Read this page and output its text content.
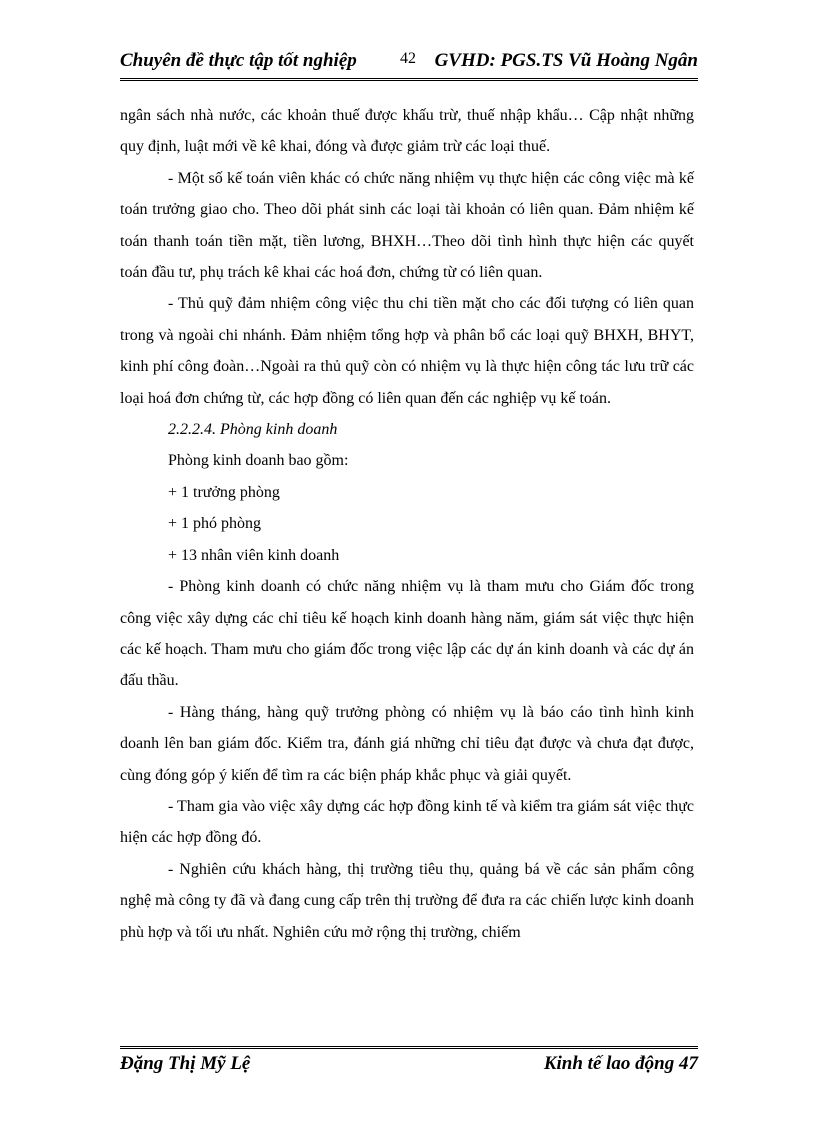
Chuyên đề thực tập tốt nghiệp	42 GVHD: PGS.TS Vũ Hoàng Ngân

ngân sách nhà nước, các khoản thuế được khấu trừ, thuế nhập khẩu… Cập nhật những quy định, luật mới về kê khai, đóng và được giảm trừ các loại thuế.

- Một số kế toán viên khác có chức năng nhiệm vụ thực hiện các công việc mà kế toán trưởng giao cho. Theo dõi phát sinh các loại tài khoản có liên quan. Đảm nhiệm kế toán thanh toán tiền mặt, tiền lương, BHXH…Theo dõi tình hình thực hiện các quyết toán đầu tư, phụ trách kê khai các hoá đơn, chứng từ có liên quan.

- Thủ quỹ đảm nhiệm công việc thu chi tiền mặt cho các đối tượng có liên quan trong và ngoài chi nhánh. Đảm nhiệm tổng hợp và phân bổ các loại quỹ BHXH, BHYT, kinh phí công đoàn…Ngoài ra thủ quỹ còn có nhiệm vụ là thực hiện công tác lưu trữ các loại hoá đơn chứng từ, các hợp đồng có liên quan đến các nghiệp vụ kế toán.

2.2.2.4. Phòng kinh doanh

Phòng kinh doanh bao gồm:

+ 1 trưởng phòng

+ 1 phó phòng

+ 13 nhân viên kinh doanh

- Phòng kinh doanh có chức năng nhiệm vụ là tham mưu cho Giám đốc trong công việc xây dựng các chỉ tiêu kế hoạch kinh doanh hàng năm, giám sát việc thực hiện các kế hoạch. Tham mưu cho giám đốc trong việc lập các dự án kinh doanh và các dự án đấu thầu.

- Hàng tháng, hàng quỹ trưởng phòng có nhiệm vụ là báo cáo tình hình kinh doanh lên ban giám đốc. Kiểm tra, đánh giá những chỉ tiêu đạt được và chưa đạt được, cùng đóng góp ý kiến để tìm ra các biện pháp khắc phục và giải quyết.

- Tham gia vào việc xây dựng các hợp đồng kinh tế và kiểm tra giám sát việc thực hiện các hợp đồng đó.

- Nghiên cứu khách hàng, thị trường tiêu thụ, quảng bá về các sản phẩm công nghệ mà công ty đã và đang cung cấp trên thị trường để đưa ra các chiến lược kinh doanh phù hợp và tối ưu nhất. Nghiên cứu mở rộng thị trường, chiếm

Đặng Thị Mỹ Lệ	Kinh tế lao động 47
